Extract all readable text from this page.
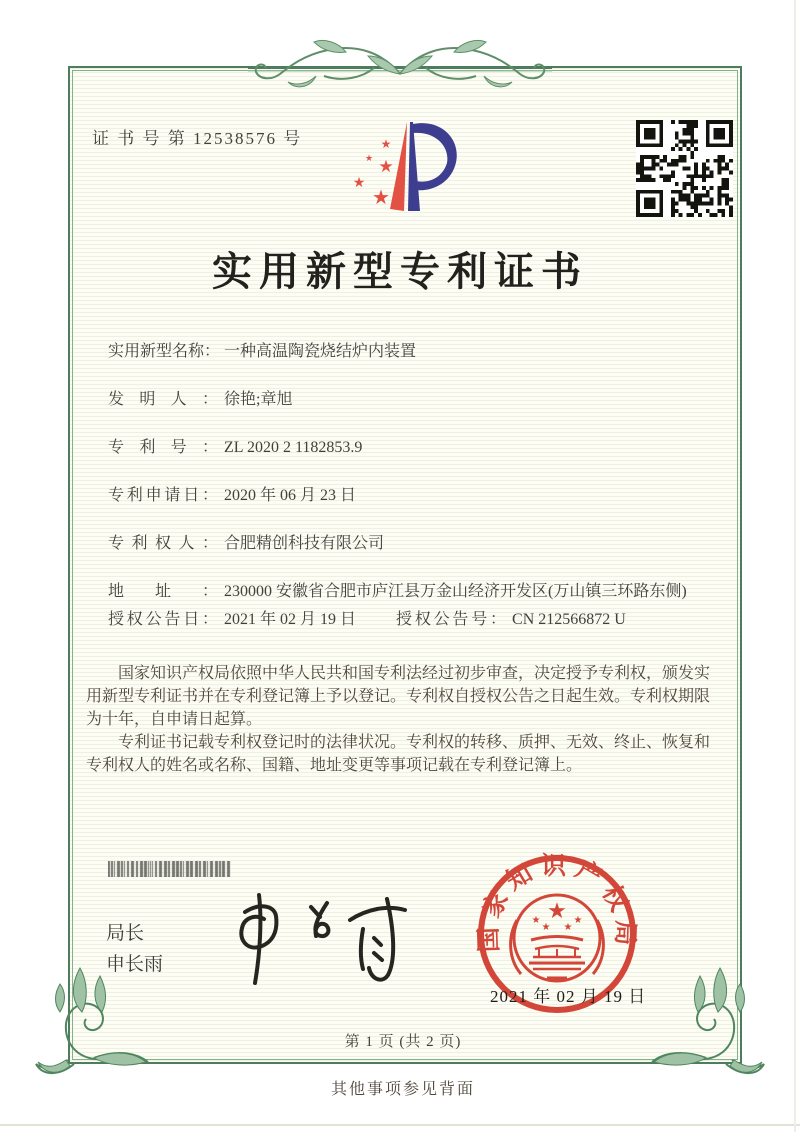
证 书 号 第 12538576 号	★
★ ★
★
★
实用新型专利证书
实用新型名称： 一种高温陶瓷烧结炉内装置
发明人： 徐艳;章旭
专利号： ZL 2020 2 1182853.9
专利申请日： 2020 年 06 月 23 日
专利权人： 合肥精创科技有限公司
地址： 230000 安徽省合肥市庐江县万金山经济开发区(万山镇三环路东侧)
授权公告日： 2021 年 02 月 19 日	授权公告号： CN 212566872 U

国家知识产权局依照中华人民共和国专利法经过初步审查，决定授予专利权，颁发实用新型专利证书并在专利登记簿上予以登记。专利权自授权公告之日起生效。专利权期限为十年，自申请日起算。

专利证书记载专利权登记时的法律状况。专利权的转移、质押、无效、终止、恢复和专利权人的姓名或名称、国籍、地址变更等事项记载在专利登记簿上。

局长
申长雨
国家知识产权局
★
★
★ ★
★
2021 年 02 月 19 日
第 1 页 (共 2 页)
其他事项参见背面
